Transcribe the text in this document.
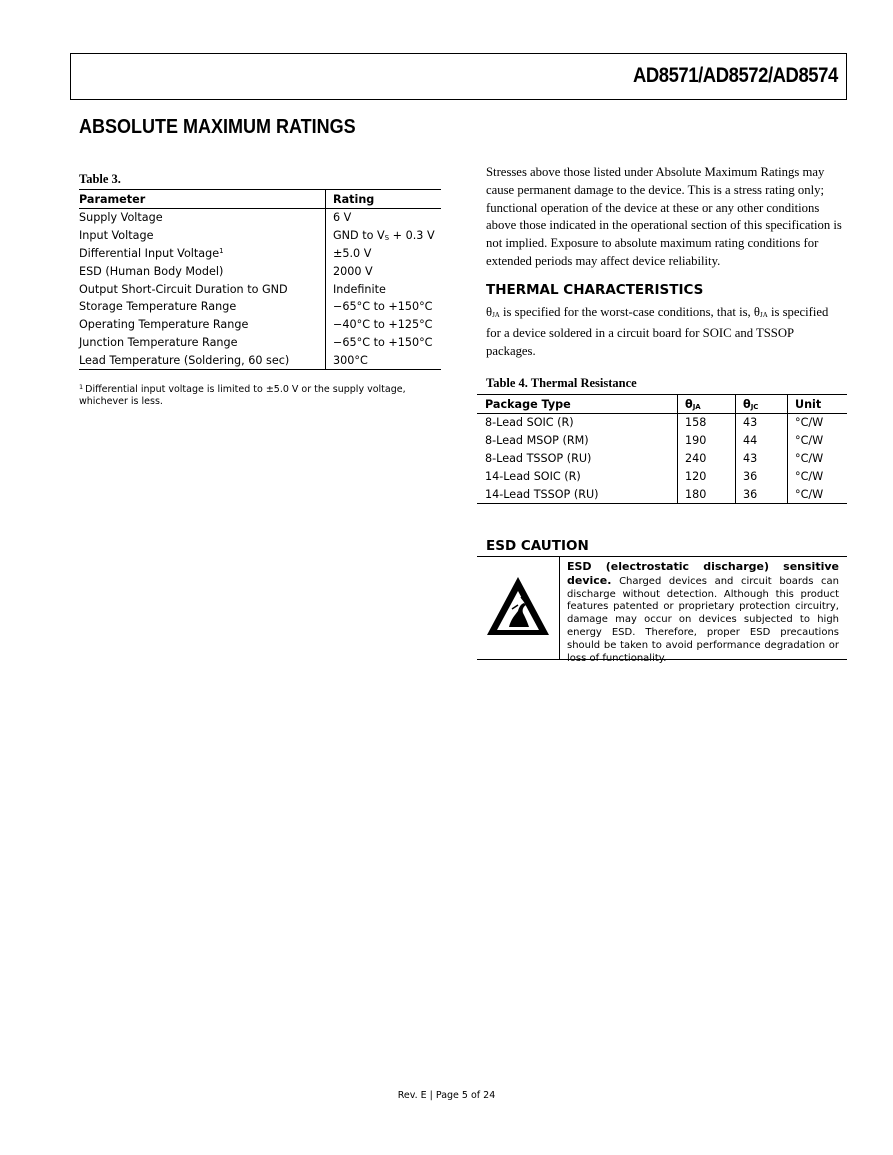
AD8571/AD8572/AD8574
ABSOLUTE MAXIMUM RATINGS
Table 3.
Parameter	Rating
Supply Voltage	6 V
Input Voltage	GND to $V_S + 0.3$ V
Differential Input Voltage$^1$	±5.0 V
ESD (Human Body Model)	2000 V
Output Short-Circuit Duration to GND	Indefinite
Storage Temperature Range	−65°C to +150°C
Operating Temperature Range	−40°C to +125°C
Junction Temperature Range	−65°C to +150°C
Lead Temperature (Soldering, 60 sec)	300°C
$^1$ Differential input voltage is limited to ±5.0 V or the supply voltage, whichever is less.
Stresses above those listed under Absolute Maximum Ratings may cause permanent damage to the device. This is a stress rating only; functional operation of the device at these or any other conditions above those indicated in the operational section of this specification is not implied. Exposure to absolute maximum rating conditions for extended periods may affect device reliability.
THERMAL CHARACTERISTICS
$\theta_{JA}$ is specified for the worst-case conditions, that is, $\theta_{JA}$ is specified for a device soldered in a circuit board for SOIC and TSSOP packages.
Table 4. Thermal Resistance
Package Type	$\theta_{JA}$	$\theta_{JC}$	Unit
8-Lead SOIC (R)	158	43	°C/W
8-Lead MSOP (RM)	190	44	°C/W
8-Lead TSSOP (RU)	240	43	°C/W
14-Lead SOIC (R)	120	36	°C/W
14-Lead TSSOP (RU)	180	36	°C/W
ESD CAUTION
ESD (electrostatic discharge) sensitive device. Charged devices and circuit boards can discharge without detection. Although this product features patented or proprietary protection circuitry, damage may occur on devices subjected to high energy ESD. Therefore, proper ESD precautions should be taken to avoid performance degradation or loss of functionality.
Rev. E | Page 5 of 24
